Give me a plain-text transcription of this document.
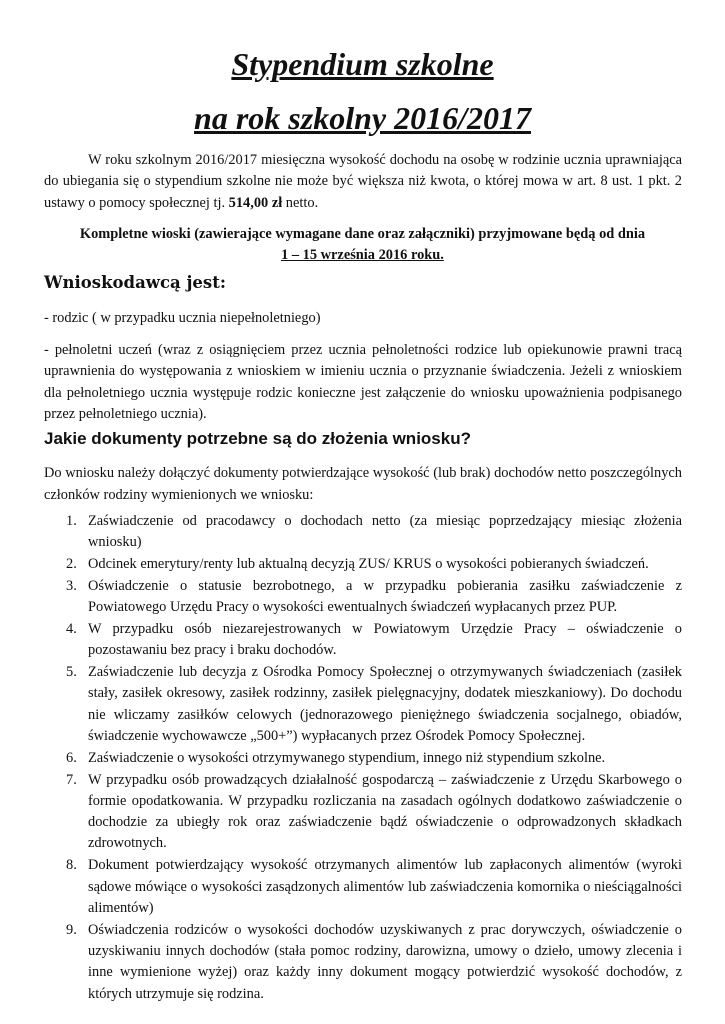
Stypendium szkolne
na rok szkolny 2016/2017

W roku szkolnym 2016/2017 miesięczna wysokość dochodu na osobę w rodzinie ucznia uprawniająca do ubiegania się o stypendium szkolne nie może być większa niż kwota, o której mowa w art. 8 ust. 1 pkt. 2 ustawy o pomocy społecznej tj. 514,00 zł netto.

Kompletne wioski (zawierające wymagane dane oraz załączniki) przyjmowane będą od dnia
1 – 15 września 2016 roku.

Wnioskodawcą jest:

- rodzic ( w przypadku ucznia niepełnoletniego)

- pełnoletni uczeń (wraz z osiągnięciem przez ucznia pełnoletności rodzice lub opiekunowie prawni tracą uprawnienia do występowania z wnioskiem w imieniu ucznia o przyznanie świadczenia. Jeżeli z wnioskiem dla pełnoletniego ucznia występuje rodzic konieczne jest załączenie do wniosku upoważnienia podpisanego przez pełnoletniego ucznia).

Jakie dokumenty potrzebne są do złożenia wniosku?

Do wniosku należy dołączyć dokumenty potwierdzające wysokość (lub brak) dochodów netto poszczególnych członków rodziny wymienionych we wniosku:

1. Zaświadczenie od pracodawcy o dochodach netto (za miesiąc poprzedzający miesiąc złożenia wniosku)
2. Odcinek emerytury/renty lub aktualną decyzją ZUS/ KRUS o wysokości pobieranych świadczeń.
3. Oświadczenie o statusie bezrobotnego, a w przypadku pobierania zasiłku zaświadczenie z Powiatowego Urzędu Pracy o wysokości ewentualnych świadczeń wypłacanych przez PUP.
4. W przypadku osób niezarejestrowanych w Powiatowym Urzędzie Pracy – oświadczenie o pozostawaniu bez pracy i braku dochodów.
5. Zaświadczenie lub decyzja z Ośrodka Pomocy Społecznej o otrzymywanych świadczeniach (zasiłek stały, zasiłek okresowy, zasiłek rodzinny, zasiłek pielęgnacyjny, dodatek mieszkaniowy). Do dochodu nie wliczamy zasiłków celowych (jednorazowego pieniężnego świadczenia socjalnego, obiadów, świadczenie wychowawcze „500+”) wypłacanych przez Ośrodek Pomocy Społecznej.
6. Zaświadczenie o wysokości otrzymywanego stypendium, innego niż stypendium szkolne.
7. W przypadku osób prowadzących działalność gospodarczą – zaświadczenie z Urzędu Skarbowego o formie opodatkowania. W przypadku rozliczania na zasadach ogólnych dodatkowo zaświadczenie o dochodzie za ubiegły rok oraz zaświadczenie bądź oświadczenie o odprowadzonych składkach zdrowotnych.
8. Dokument potwierdzający wysokość otrzymanych alimentów lub zapłaconych alimentów (wyroki sądowe mówiące o wysokości zasądzonych alimentów lub zaświadczenia komornika o nieściągalności alimentów)
9. Oświadczenia rodziców o wysokości dochodów uzyskiwanych z prac dorywczych, oświadczenie o uzyskiwaniu innych dochodów (stała pomoc rodziny, darowizna, umowy o dzieło, umowy zlecenia i inne wymienione wyżej) oraz każdy inny dokument mogący potwierdzić wysokość dochodów, z których utrzymuje się rodzina.
